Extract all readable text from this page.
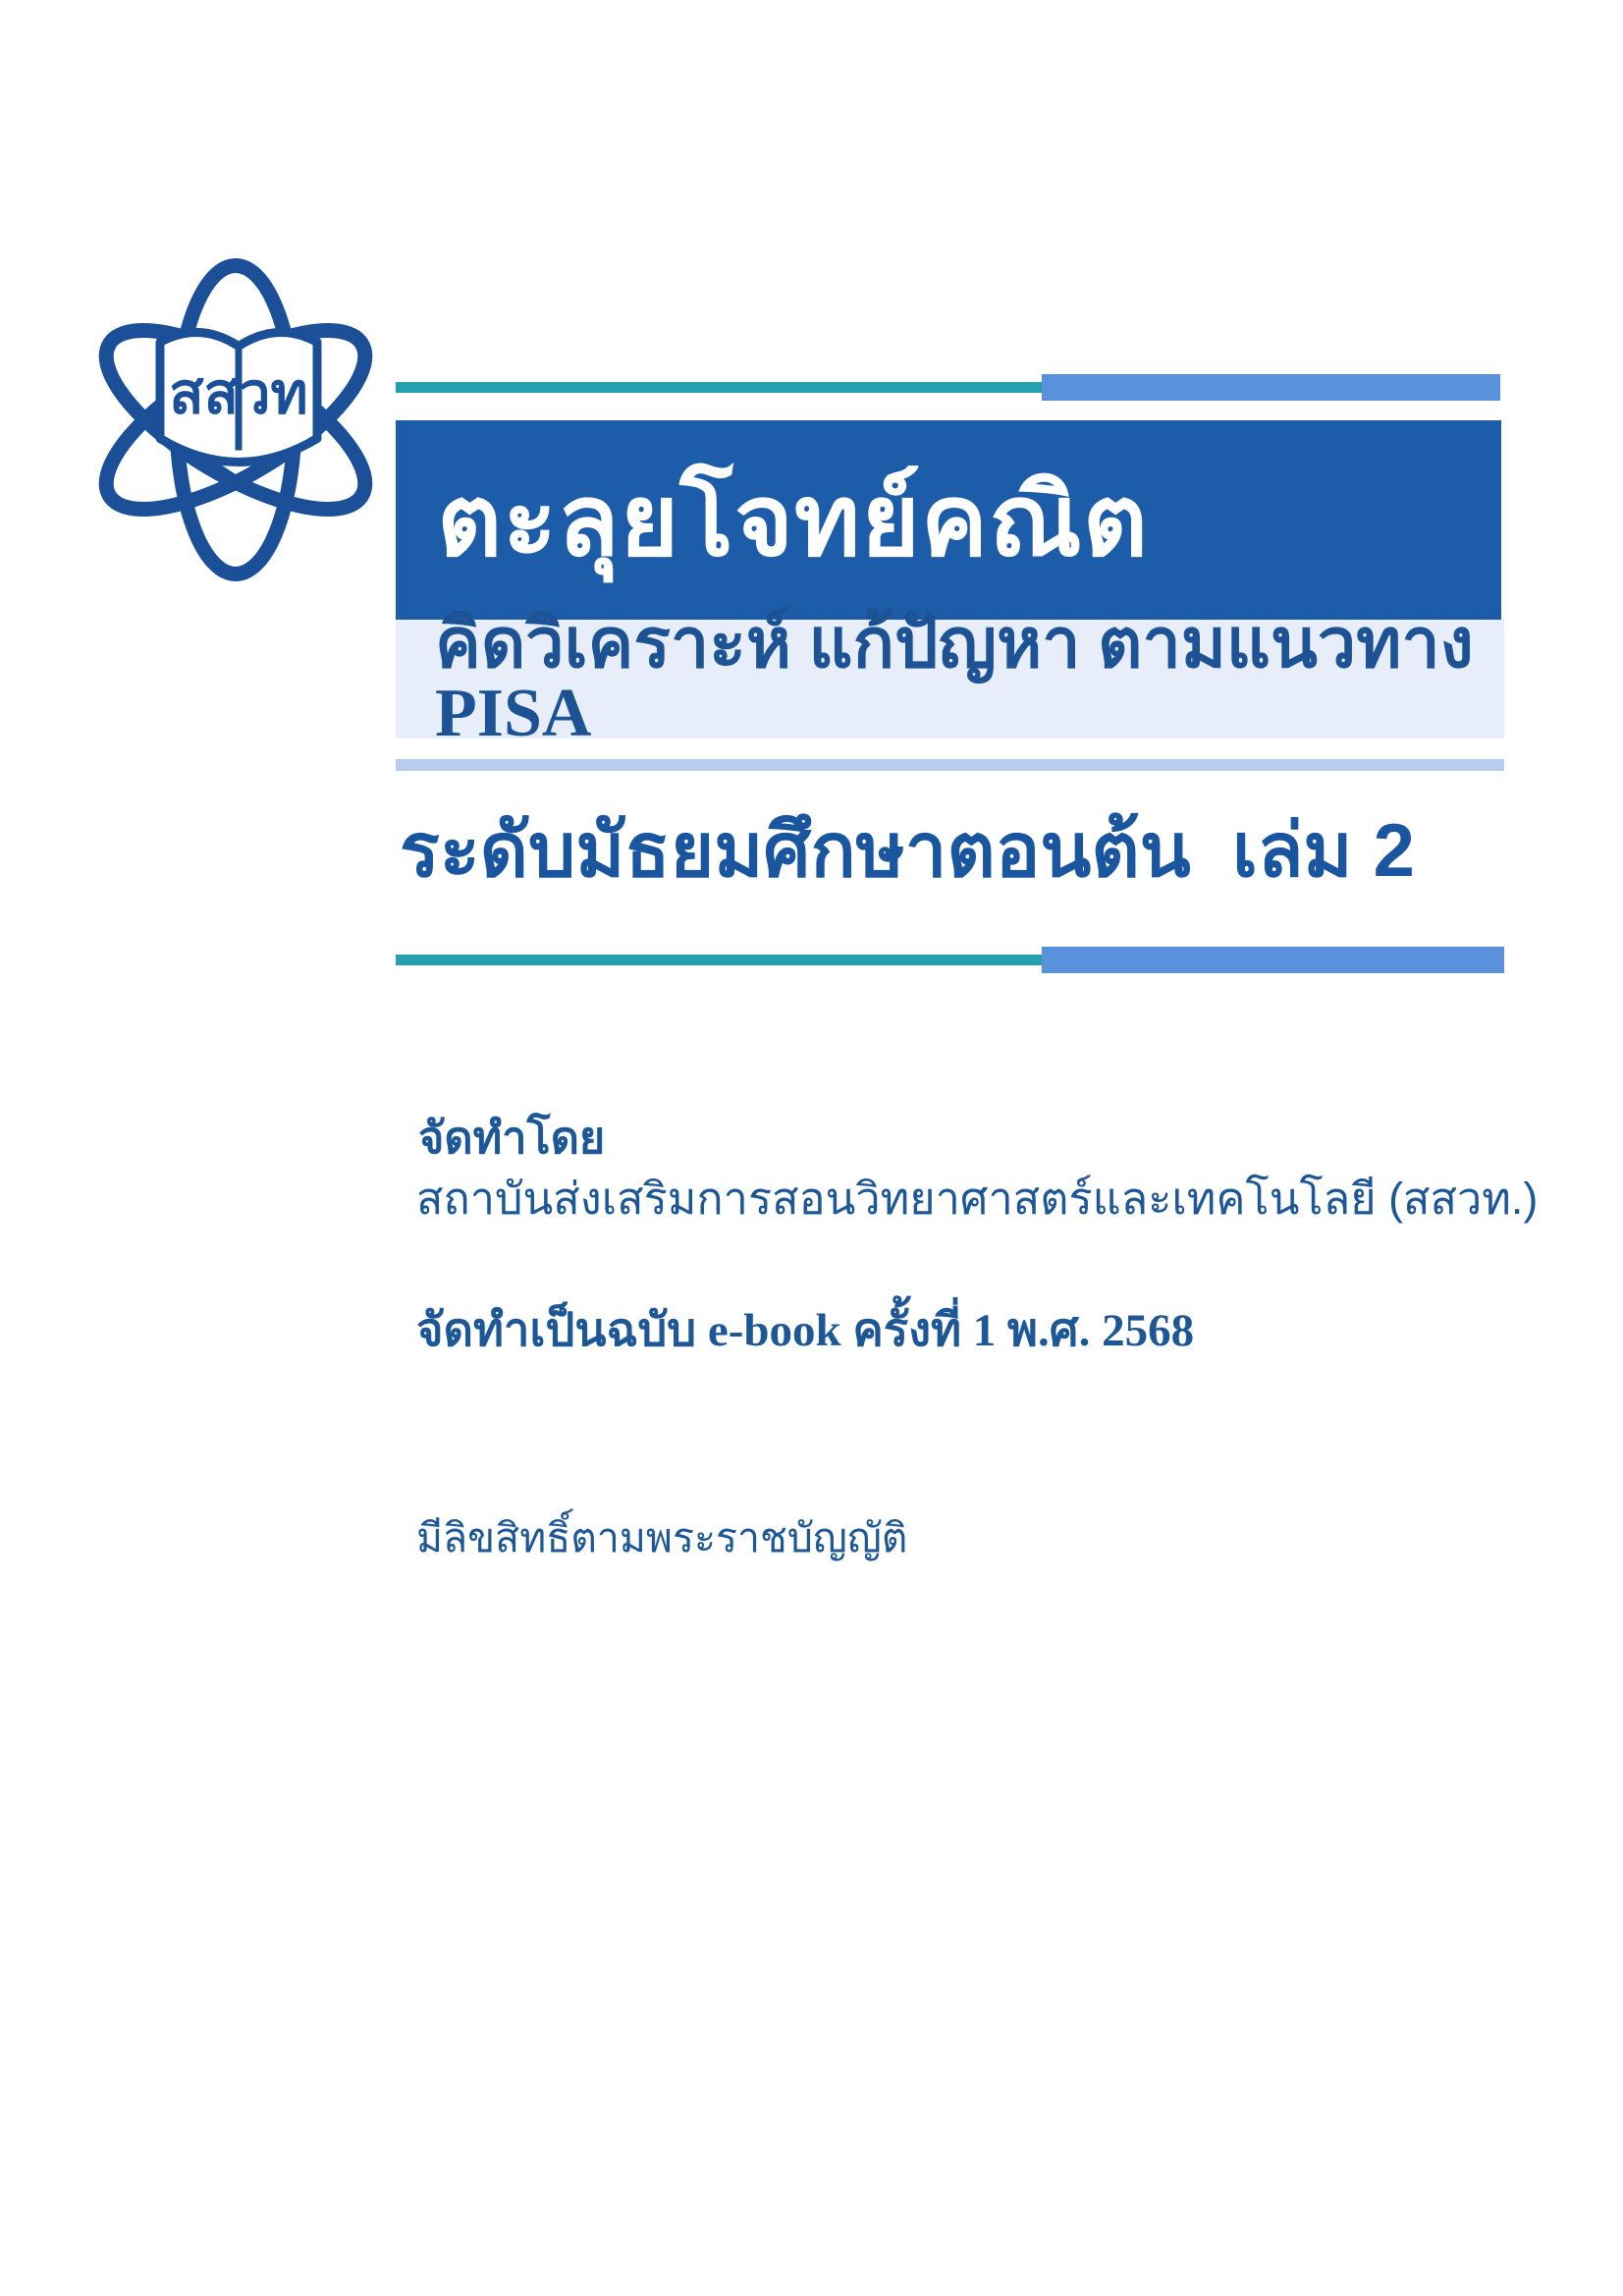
สสวท
ตะลุยโจทย์คณิต
คิดวิเคราะห์ แก้ปัญหา ตามแนวทาง PISA
ระดับมัธยมศึกษาตอนต้น  เล่ม 2
จัดทำโดย
สถาบันส่งเสริมการสอนวิทยาศาสตร์และเทคโนโลยี (สสวท.)
จัดทำเป็นฉบับ e-book ครั้งที่ 1 พ.ศ. 2568
มีลิขสิทธิ์ตามพระราชบัญญัติ
